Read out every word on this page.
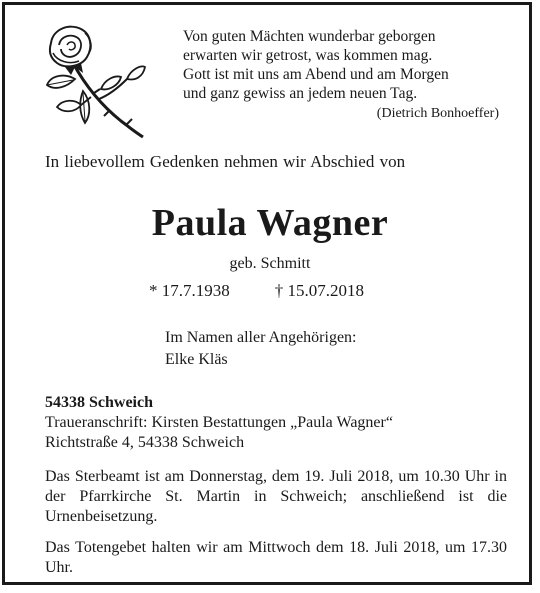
Von guten Mächten wunderbar geborgen
erwarten wir getrost, was kommen mag.
Gott ist mit uns am Abend und am Morgen
und ganz gewiss an jedem neuen Tag.
(Dietrich Bonhoeffer)
In liebevollem Gedenken nehmen wir Abschied von
Paula Wagner
geb. Schmitt
* 17.7.1938	† 15.07.2018
Im Namen aller Angehörigen:
Elke Kläs
54338 Schweich
Traueranschrift: Kirsten Bestattungen „Paula Wagner“
Richtstraße 4, 54338 Schweich
Das Sterbeamt ist am Donnerstag, dem 19. Juli 2018, um 10.30 Uhr in der Pfarrkirche St. Martin in Schweich; anschließend ist die Urnenbeisetzung.
Das Totengebet halten wir am Mittwoch dem 18. Juli 2018, um 17.30 Uhr.
